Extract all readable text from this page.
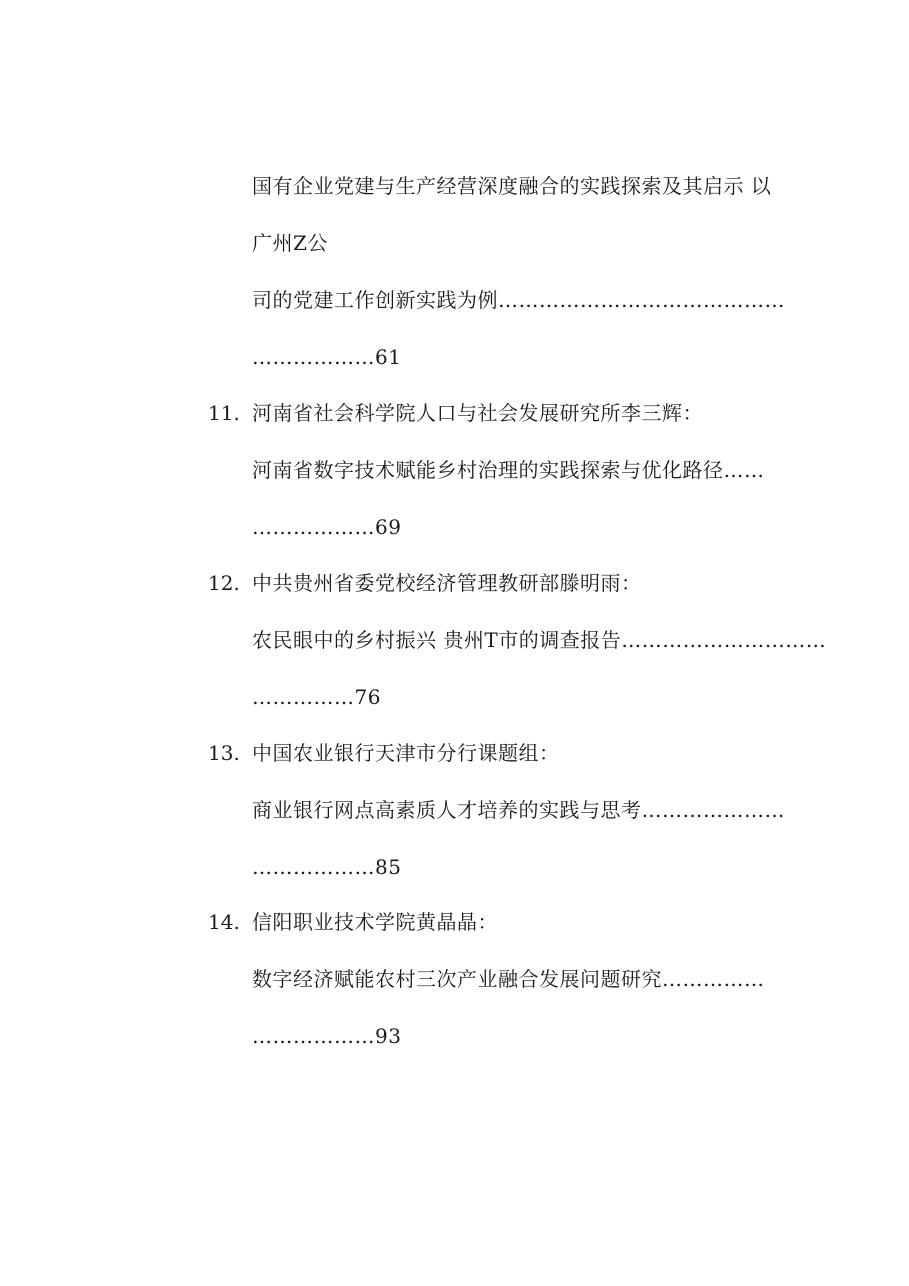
国有企业党建与生产经营深度融合的实践探索及其启示 以
广州Z公
司的党建工作创新实践为例……………………………………
………………61
11. 河南省社会科学院人口与社会发展研究所李三辉：
河南省数字技术赋能乡村治理的实践探索与优化路径……
………………69
12. 中共贵州省委党校经济管理教研部滕明雨：
农民眼中的乡村振兴 贵州T市的调查报告…………………………
……………76
13. 中国农业银行天津市分行课题组：
商业银行网点高素质人才培养的实践与思考…………………
………………85
14. 信阳职业技术学院黄晶晶：
数字经济赋能农村三次产业融合发展问题研究……………
………………93
